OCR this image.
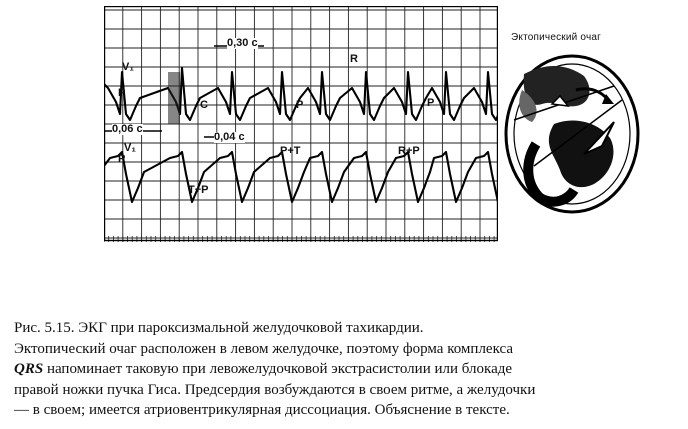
0,30 с
R
P
P	P
C
0,06 с
0,04 с
P
V₁
V₁
T+P
P+T	R+P
Эктопический очаг

Рис. 5.15. ЭКГ при пароксизмальной желудочковой тахикардии.

Эктопический очаг расположен в левом желудочке, поэтому форма комплекса

QRS напоминает таковую при левожелудочковой экстрасистолии или блокаде

правой ножки пучка Гиса. Предсердия возбуждаются в своем ритме, а желудочки

— в своем; имеется атриовентрикулярная диссоциация. Объяснение в тексте.
